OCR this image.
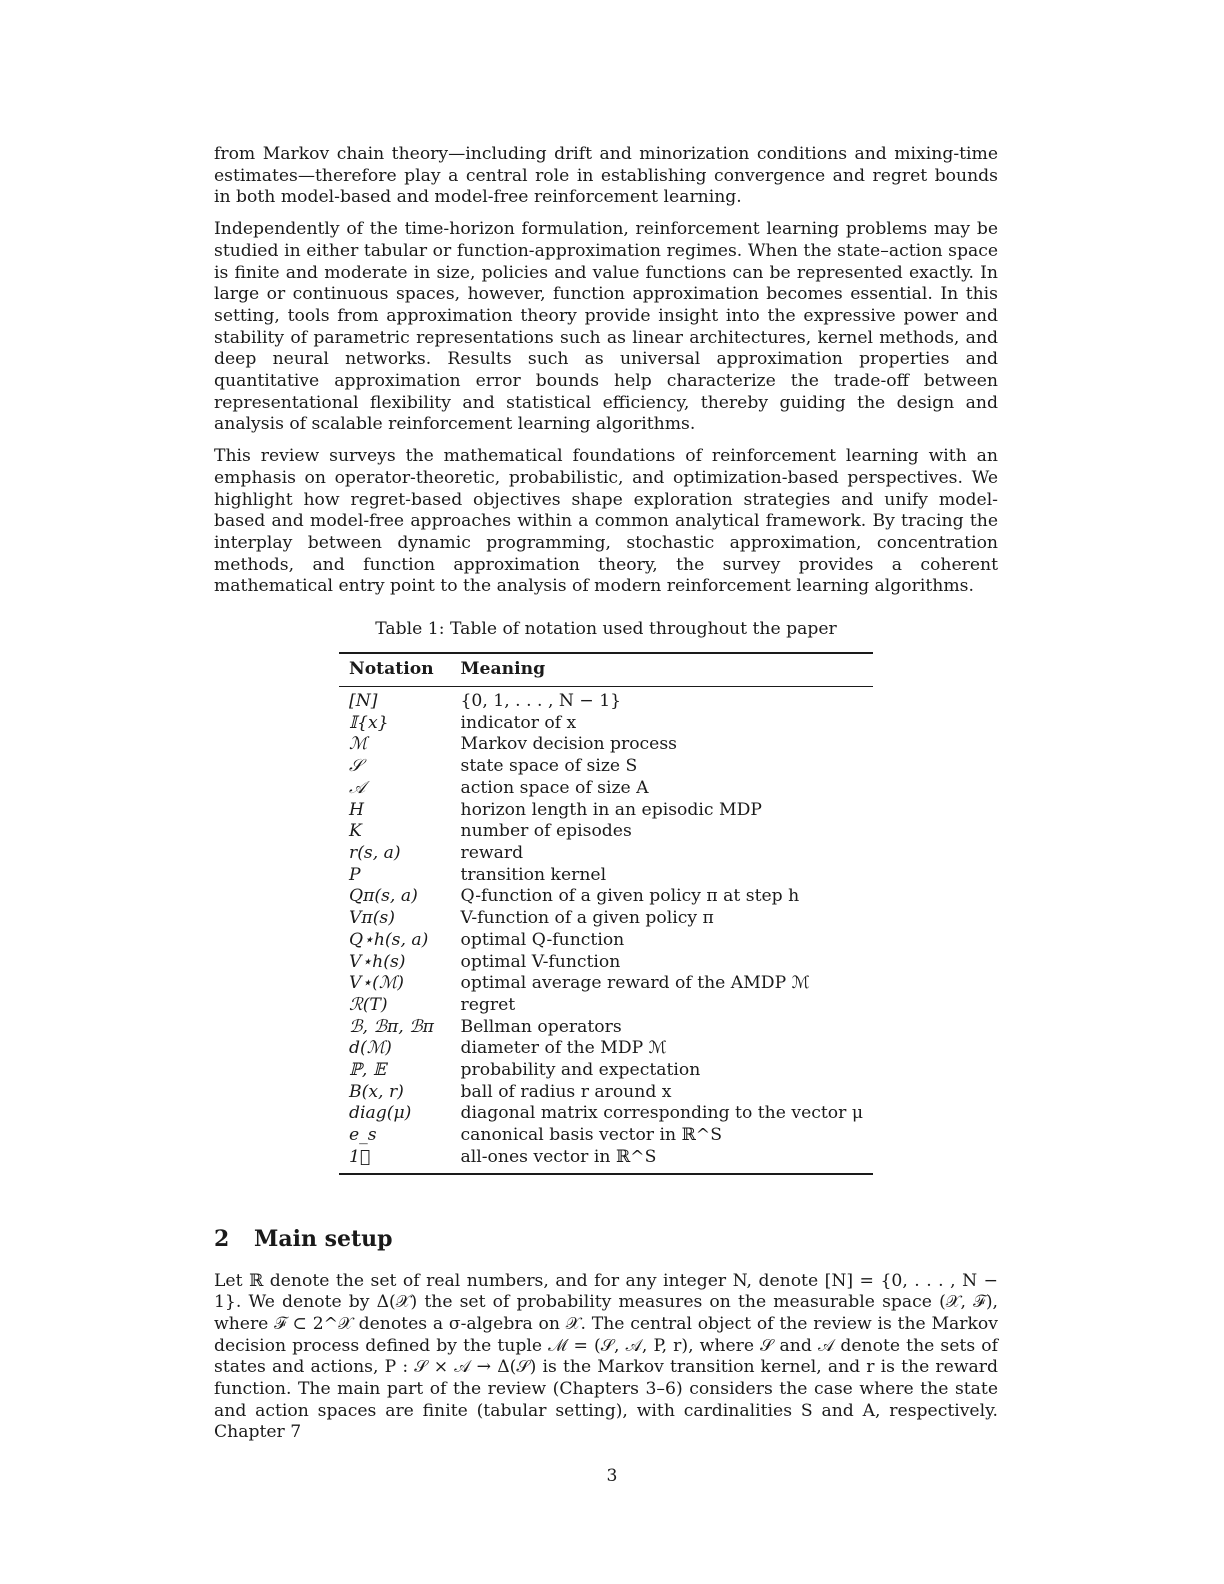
from Markov chain theory—including drift and minorization conditions and mixing-time estimates—therefore play a central role in establishing convergence and regret bounds in both model-based and model-free reinforcement learning.

Independently of the time-horizon formulation, reinforcement learning problems may be studied in either tabular or function-approximation regimes. When the state–action space is finite and moderate in size, policies and value functions can be represented exactly. In large or continuous spaces, however, function approximation becomes essential. In this setting, tools from approximation theory provide insight into the expressive power and stability of parametric representations such as linear architectures, kernel methods, and deep neural networks. Results such as universal approximation properties and quantitative approximation error bounds help characterize the trade-off between representational flexibility and statistical efficiency, thereby guiding the design and analysis of scalable reinforcement learning algorithms.

This review surveys the mathematical foundations of reinforcement learning with an emphasis on operator-theoretic, probabilistic, and optimization-based perspectives. We highlight how regret-based objectives shape exploration strategies and unify model-based and model-free approaches within a common analytical framework. By tracing the interplay between dynamic programming, stochastic approximation, concentration methods, and function approximation theory, the survey provides a coherent mathematical entry point to the analysis of modern reinforcement learning algorithms.

Table 1: Table of notation used throughout the paper
Notation	Meaning
[N]	{0, 1, . . . , N − 1}
𝕀{x}	indicator of x
ℳ	Markov decision process
𝒮	state space of size S
𝒜	action space of size A
H	horizon length in an episodic MDP
K	number of episodes
r(s, a)	reward
P	transition kernel
Qπ(s, a)	Q-function of a given policy π at step h
Vπ(s)	V-function of a given policy π
Q⋆h(s, a)	optimal Q-function
V⋆h(s)	optimal V-function
V⋆(ℳ)	optimal average reward of the AMDP ℳ
ℛ(T)	regret
ℬ, ℬπ, ℬπ	Bellman operators
d(ℳ)	diameter of the MDP ℳ
ℙ, 𝔼	probability and expectation
B(x, r)	ball of radius r around x
diag(μ)	diagonal matrix corresponding to the vector μ
e_s	canonical basis vector in ℝ^S
1⃗	all-ones vector in ℝ^S
2 Main setup

Let ℝ denote the set of real numbers, and for any integer N, denote [N] = {0, . . . , N − 1}. We denote by Δ(𝒳) the set of probability measures on the measurable space (𝒳, ℱ), where ℱ ⊂ 2^𝒳 denotes a σ-algebra on 𝒳. The central object of the review is the Markov decision process defined by the tuple ℳ = (𝒮, 𝒜, P, r), where 𝒮 and 𝒜 denote the sets of states and actions, P : 𝒮 × 𝒜 → Δ(𝒮) is the Markov transition kernel, and r is the reward function. The main part of the review (Chapters 3–6) considers the case where the state and action spaces are finite (tabular setting), with cardinalities S and A, respectively. Chapter 7

3
